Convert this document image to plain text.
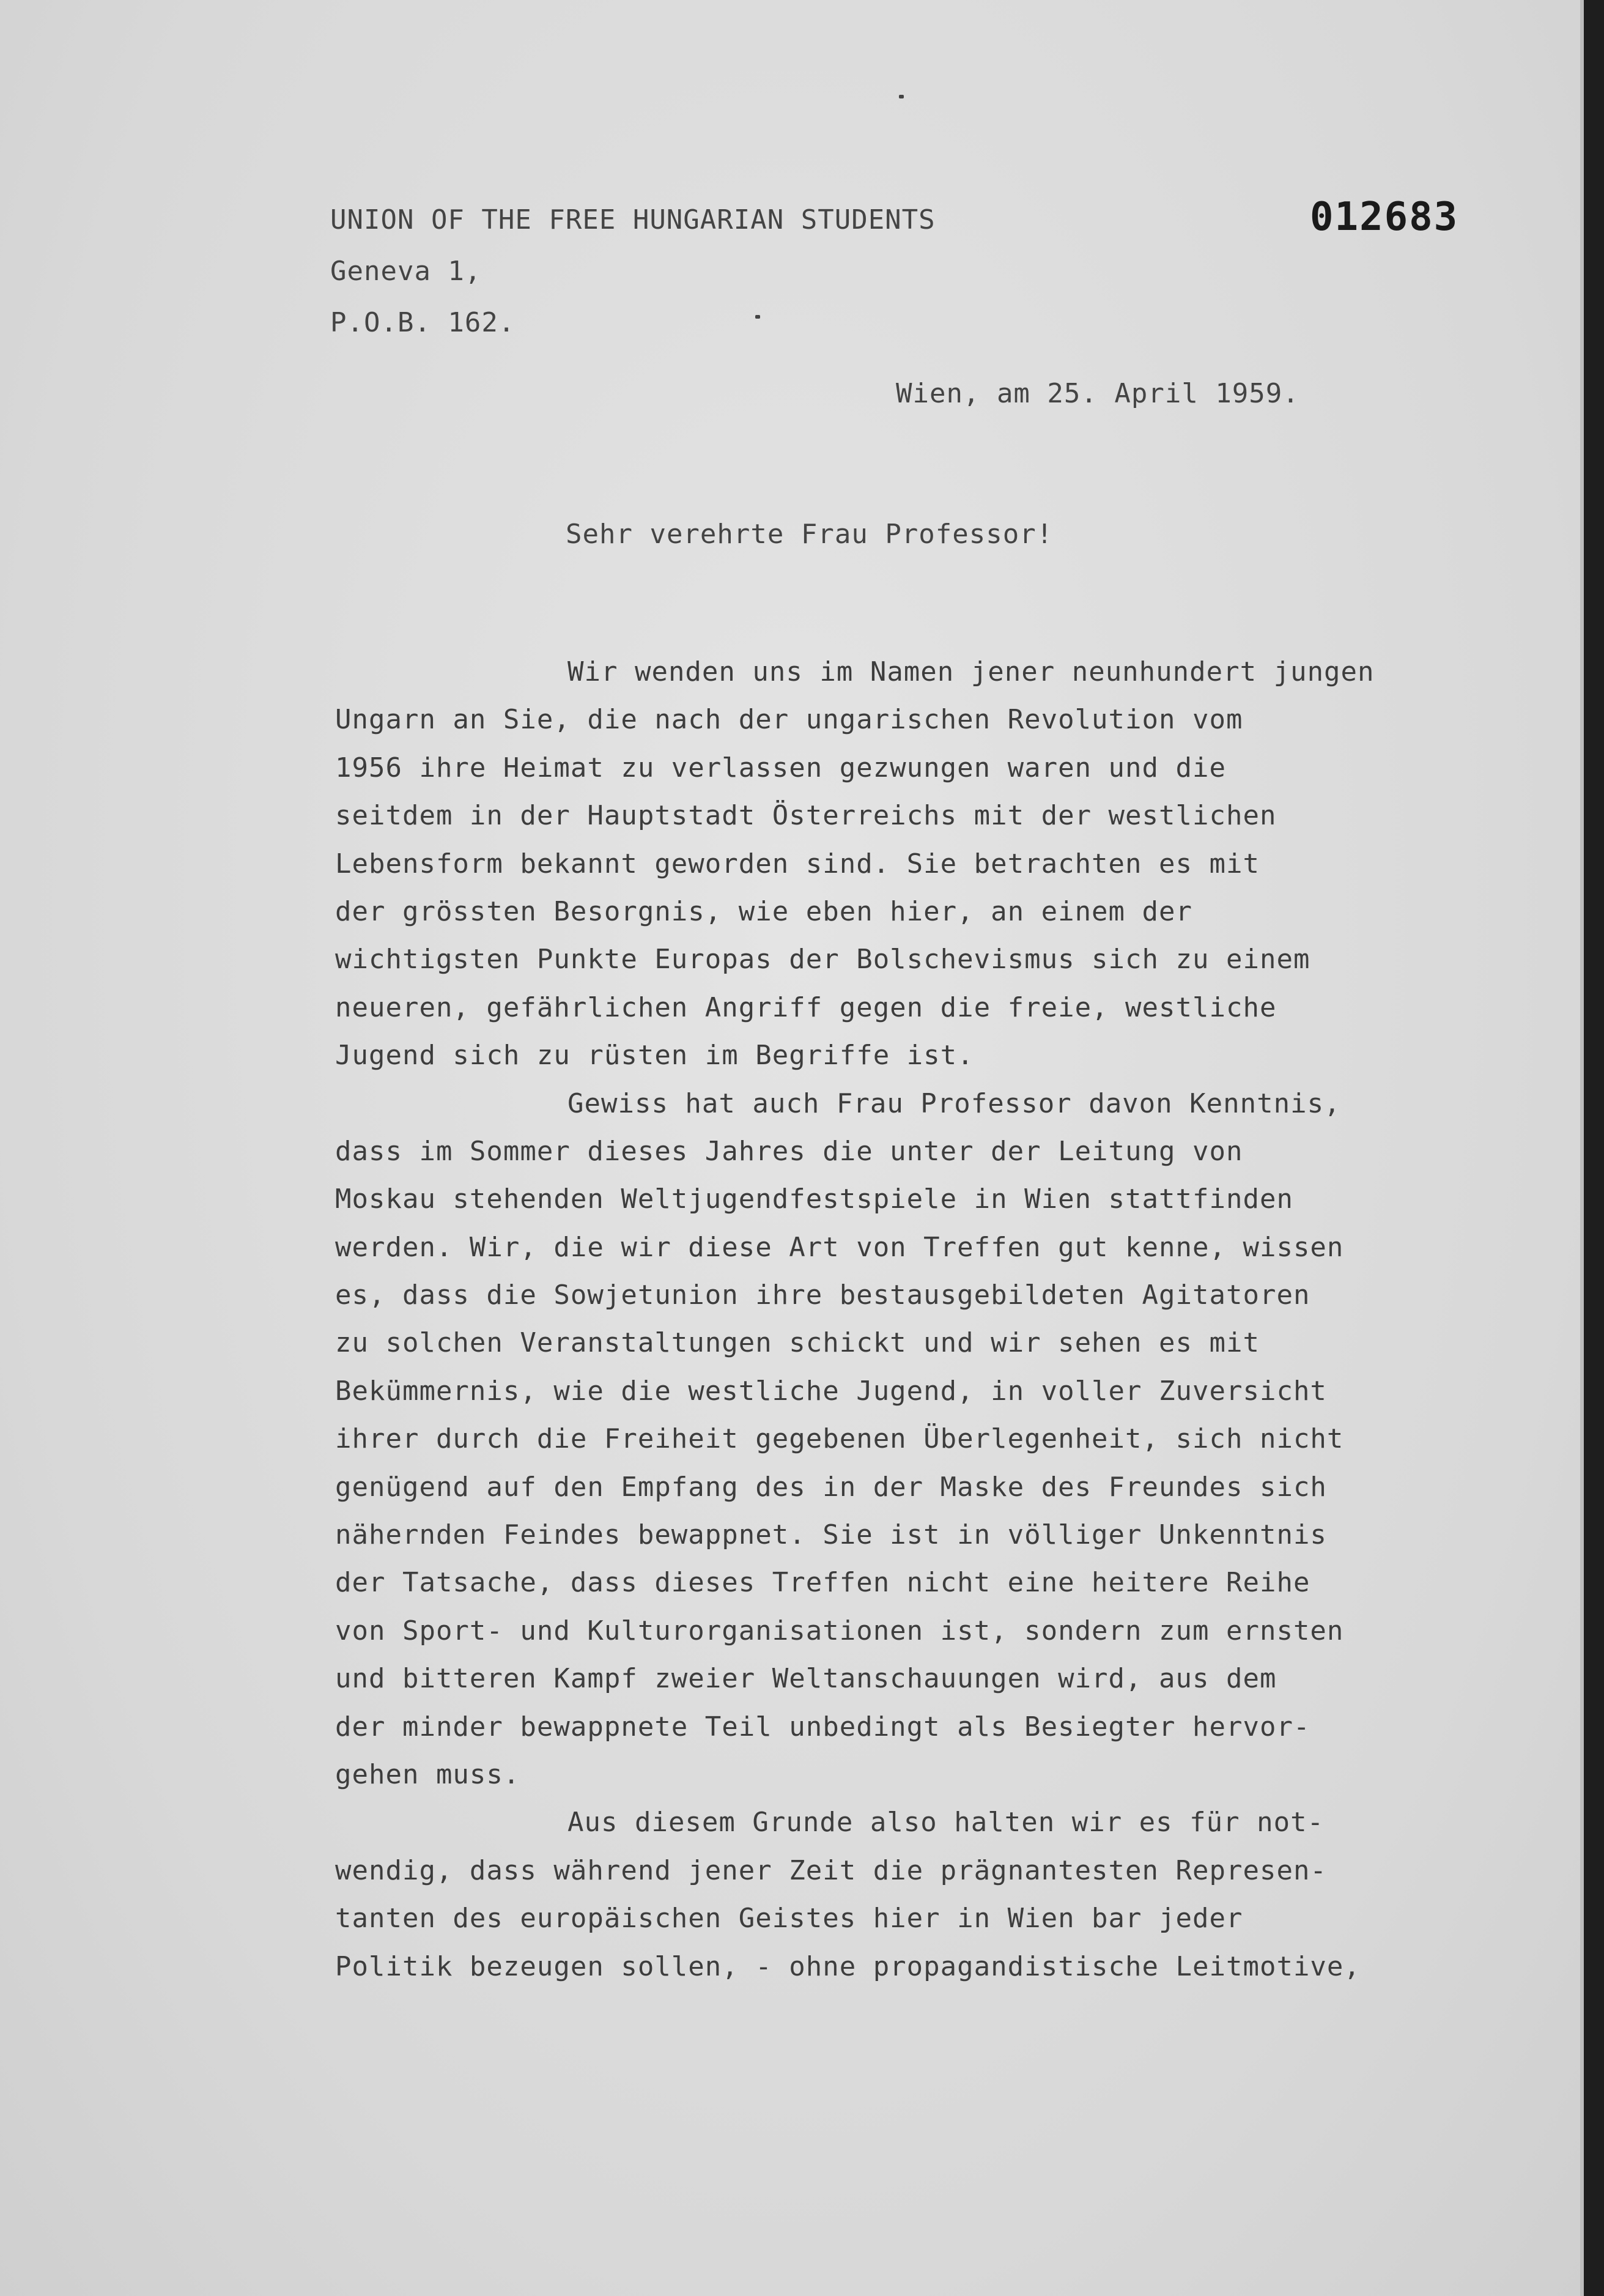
UNION OF THE FREE HUNGARIAN STUDENTS
Geneva 1,
P.O.B. 162.
012683
Wien, am 25. April 1959.
Sehr verehrte Frau Professor!
Wir wenden uns im Namen jener neunhundert jungen
Ungarn an Sie, die nach der ungarischen Revolution vom
1956 ihre Heimat zu verlassen gezwungen waren und die
seitdem in der Hauptstadt Österreichs mit der westlichen
Lebensform bekannt geworden sind. Sie betrachten es mit
der grössten Besorgnis, wie eben hier, an einem der
wichtigsten Punkte Europas der Bolschevismus sich zu einem
neueren, gefährlichen Angriff gegen die freie, westliche
Jugend sich zu rüsten im Begriffe ist.
Gewiss hat auch Frau Professor davon Kenntnis,
dass im Sommer dieses Jahres die unter der Leitung von
Moskau stehenden Weltjugendfestspiele in Wien stattfinden
werden. Wir, die wir diese Art von Treffen gut kenne, wissen
es, dass die Sowjetunion ihre bestausgebildeten Agitatoren
zu solchen Veranstaltungen schickt und wir sehen es mit
Bekümmernis, wie die westliche Jugend, in voller Zuversicht
ihrer durch die Freiheit gegebenen Überlegenheit, sich nicht
genügend auf den Empfang des in der Maske des Freundes sich
nähernden Feindes bewappnet. Sie ist in völliger Unkenntnis
der Tatsache, dass dieses Treffen nicht eine heitere Reihe
von Sport- und Kulturorganisationen ist, sondern zum ernsten
und bitteren Kampf zweier Weltanschauungen wird, aus dem
der minder bewappnete Teil unbedingt als Besiegter hervor-
gehen muss.
Aus diesem Grunde also halten wir es für not-
wendig, dass während jener Zeit die prägnantesten Represen-
tanten des europäischen Geistes hier in Wien bar jeder
Politik bezeugen sollen, - ohne propagandistische Leitmotive,
